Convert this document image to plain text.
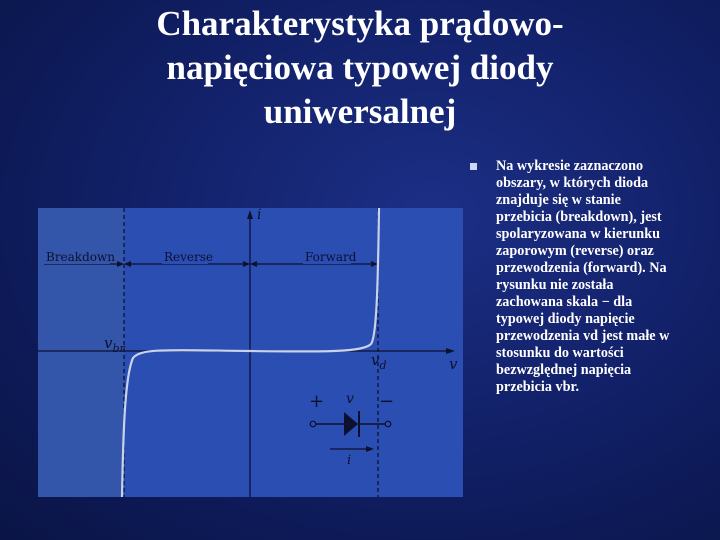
Charakterystyka prądowo-
napięciowa typowej diody
uniwersalnej
i
v
Breakdown	Reverse	Forward
$v_{br}$
$v_d$
+ v −
i
Na wykresie zaznaczono obszary, w których dioda znajduje się w stanie przebicia (breakdown), jest spolaryzowana w kierunku zaporowym (reverse) oraz przewodzenia (forward). Na rysunku nie została zachowana skala − dla typowej diody napięcie przewodzenia vd jest małe w stosunku do wartości bezwzględnej napięcia przebicia vbr.
